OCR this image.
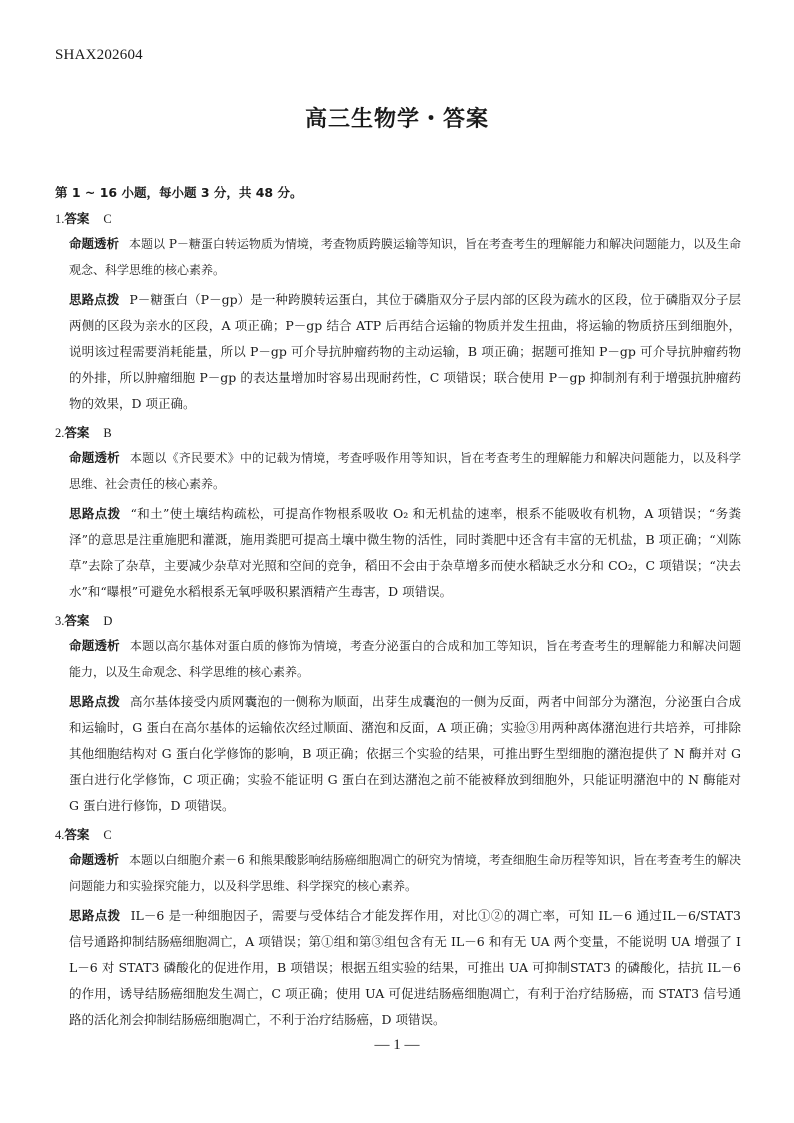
SHAX202604
高三生物学・答案
第 1 ~ 16 小题，每小题 3 分，共 48 分。
1.答案 C

命题透析 本题以 P－糖蛋白转运物质为情境，考查物质跨膜运输等知识，旨在考查考生的理解能力和解决问题能力，以及生命观念、科学思维的核心素养。

思路点拨 P－糖蛋白（P－gp）是一种跨膜转运蛋白，其位于磷脂双分子层内部的区段为疏水的区段，位于磷脂双分子层两侧的区段为亲水的区段，A 项正确；P－gp 结合 ATP 后再结合运输的物质并发生扭曲，将运输的物质挤压到细胞外，说明该过程需要消耗能量，所以 P－gp 可介导抗肿瘤药物的主动运输，B 项正确；据题可推知 P－gp 可介导抗肿瘤药物的外排，所以肿瘤细胞 P－gp 的表达量增加时容易出现耐药性，C 项错误；联合使用 P－gp 抑制剂有利于增强抗肿瘤药物的效果，D 项正确。

2.答案 B

命题透析 本题以《齐民要术》中的记载为情境，考查呼吸作用等知识，旨在考查考生的理解能力和解决问题能力，以及科学思维、社会责任的核心素养。

思路点拨 “和土”使土壤结构疏松，可提高作物根系吸收 O₂ 和无机盐的速率，根系不能吸收有机物，A 项错误；“务粪泽”的意思是注重施肥和灌溉，施用粪肥可提高土壤中微生物的活性，同时粪肥中还含有丰富的无机盐，B 项正确；“刈陈草”去除了杂草，主要减少杂草对光照和空间的竞争，稻田不会由于杂草增多而使水稻缺乏水分和 CO₂，C 项错误；“决去水”和“曝根”可避免水稻根系无氧呼吸积累酒精产生毒害，D 项错误。

3.答案 D

命题透析 本题以高尔基体对蛋白质的修饰为情境，考查分泌蛋白的合成和加工等知识，旨在考查考生的理解能力和解决问题能力，以及生命观念、科学思维的核心素养。

思路点拨 高尔基体接受内质网囊泡的一侧称为顺面，出芽生成囊泡的一侧为反面，两者中间部分为潴泡，分泌蛋白合成和运输时，G 蛋白在高尔基体的运输依次经过顺面、潴泡和反面，A 项正确；实验③用两种离体潴泡进行共培养，可排除其他细胞结构对 G 蛋白化学修饰的影响，B 项正确；依据三个实验的结果，可推出野生型细胞的潴泡提供了 N 酶并对 G 蛋白进行化学修饰，C 项正确；实验不能证明 G 蛋白在到达潴泡之前不能被释放到细胞外，只能证明潴泡中的 N 酶能对 G 蛋白进行修饰，D 项错误。

4.答案 C

命题透析 本题以白细胞介素－6 和熊果酸影响结肠癌细胞凋亡的研究为情境，考查细胞生命历程等知识，旨在考查考生的解决问题能力和实验探究能力，以及科学思维、科学探究的核心素养。

思路点拨 IL－6 是一种细胞因子，需要与受体结合才能发挥作用，对比①②的凋亡率，可知 IL－6 通过IL－6/STAT3 信号通路抑制结肠癌细胞凋亡，A 项错误；第①组和第③组包含有无 IL－6 和有无 UA 两个变量，不能说明 UA 增强了 IL－6 对 STAT3 磷酸化的促进作用，B 项错误；根据五组实验的结果，可推出 UA 可抑制STAT3 的磷酸化，拮抗 IL－6 的作用，诱导结肠癌细胞发生凋亡，C 项正确；使用 UA 可促进结肠癌细胞凋亡，有利于治疗结肠癌，而 STAT3 信号通路的活化剂会抑制结肠癌细胞凋亡，不利于治疗结肠癌，D 项错误。

— 1 —
